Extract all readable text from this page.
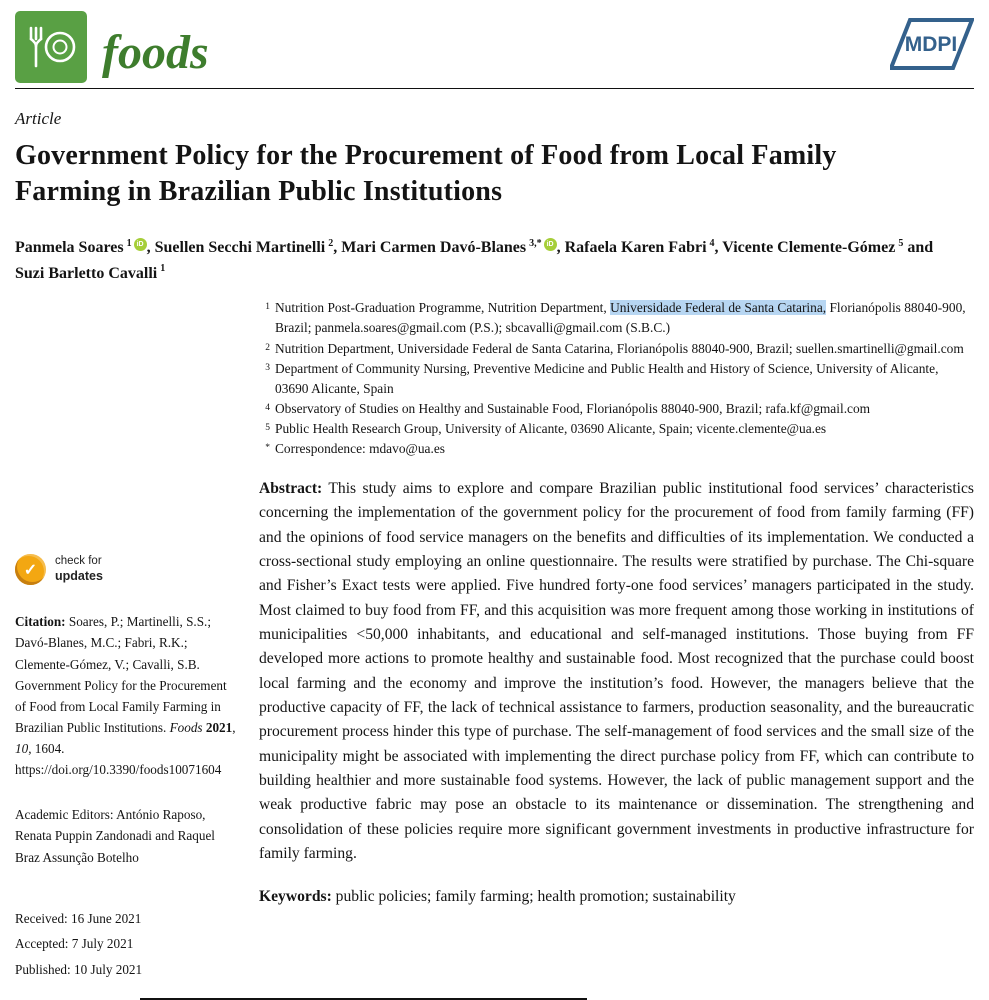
foods	MDPI

Article

Government Policy for the Procurement of Food from Local Family Farming in Brazilian Public Institutions

Panmela Soares $^1$ iD , Suellen Secchi Martinelli $^2$, Mari Carmen Davó-Blanes $^{3,*}$ iD , Rafaela Karen Fabri $^4$, Vicente Clemente-Gómez $^5$ and Suzi Barletto Cavalli $^1$

✓
check for
updates

Citation: Soares, P.; Martinelli, S.S.; Davó-Blanes, M.C.; Fabri, R.K.; Clemente-Gómez, V.; Cavalli, S.B. Government Policy for the Procurement of Food from Local Family Farming in Brazilian Public Institutions. Foods 2021, 10, 1604. https://doi.org/10.3390/foods10071604

Academic Editors: António Raposo, Renata Puppin Zandonadi and Raquel Braz Assunção Botelho

Received: 16 June 2021
Accepted: 7 July 2021
Published: 10 July 2021

1 Nutrition Post-Graduation Programme, Nutrition Department, Universidade Federal de Santa Catarina, Florianópolis 88040-900, Brazil; panmela.soares@gmail.com (P.S.); sbcavalli@gmail.com (S.B.C.)
2 Nutrition Department, Universidade Federal de Santa Catarina, Florianópolis 88040-900, Brazil; suellen.smartinelli@gmail.com
3 Department of Community Nursing, Preventive Medicine and Public Health and History of Science, University of Alicante, 03690 Alicante, Spain
4 Observatory of Studies on Healthy and Sustainable Food, Florianópolis 88040-900, Brazil; rafa.kf@gmail.com
5 Public Health Research Group, University of Alicante, 03690 Alicante, Spain; vicente.clemente@ua.es
* Correspondence: mdavo@ua.es

Abstract: This study aims to explore and compare Brazilian public institutional food services’ characteristics concerning the implementation of the government policy for the procurement of food from family farming (FF) and the opinions of food service managers on the benefits and difficulties of its implementation. We conducted a cross-sectional study employing an online questionnaire. The results were stratified by purchase. The Chi-square and Fisher’s Exact tests were applied. Five hundred forty-one food services’ managers participated in the study. Most claimed to buy food from FF, and this acquisition was more frequent among those working in institutions of municipalities <50,000 inhabitants, and educational and self-managed institutions. Those buying from FF developed more actions to promote healthy and sustainable food. Most recognized that the purchase could boost local farming and the economy and improve the institution’s food. However, the managers believe that the productive capacity of FF, the lack of technical assistance to farmers, production seasonality, and the bureaucratic procurement process hinder this type of purchase. The self-management of food services and the small size of the municipality might be associated with implementing the direct purchase policy from FF, which can contribute to building healthier and more sustainable food systems. However, the lack of public management support and the weak productive fabric may pose an obstacle to its maintenance or dissemination. The strengthening and consolidation of these policies require more significant government investments in productive infrastructure for family farming.

Keywords: public policies; family farming; health promotion; sustainability
